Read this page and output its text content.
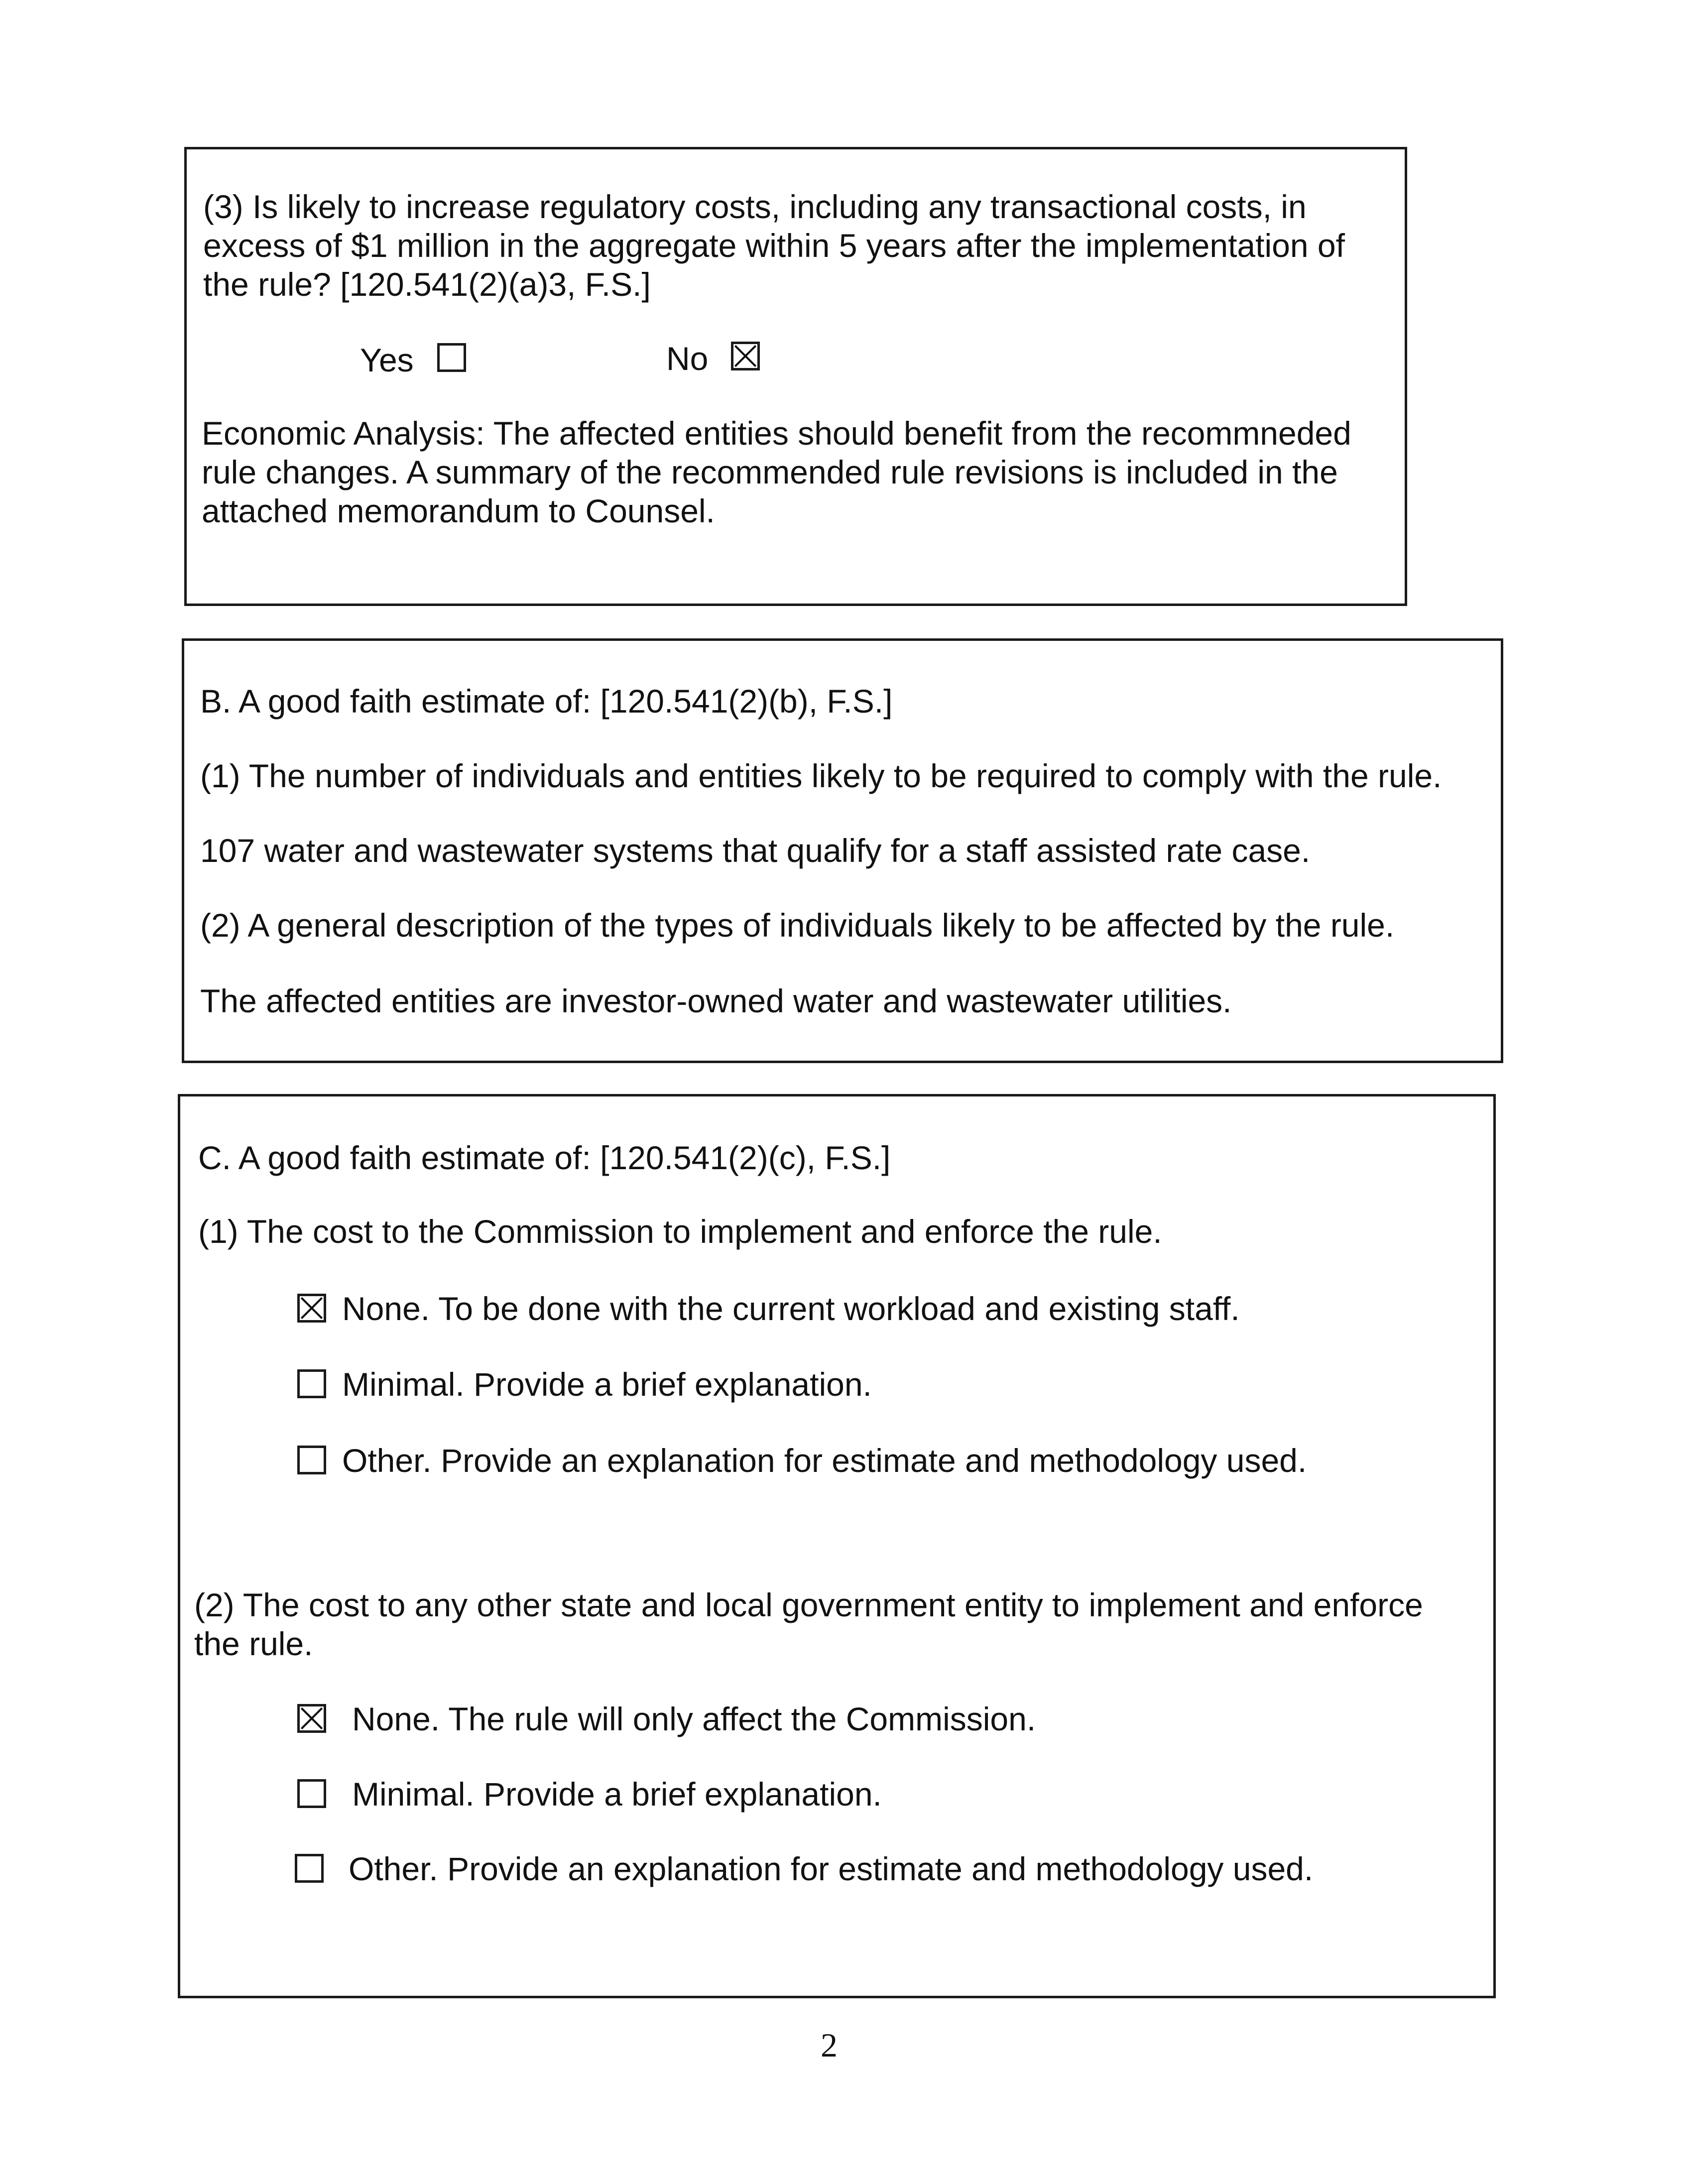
(3) Is likely to increase regulatory costs, including any transactional costs, in
excess of $1 million in the aggregate within 5 years after the implementation of
the rule? [120.541(2)(a)3, F.S.]
Yes	No
Economic Analysis: The affected entities should benefit from the recommneded
rule changes. A summary of the recommended rule revisions is included in the
attached memorandum to Counsel.
B. A good faith estimate of: [120.541(2)(b), F.S.]
(1) The number of individuals and entities likely to be required to comply with the rule.
107 water and wastewater systems that qualify for a staff assisted rate case.
(2) A general description of the types of individuals likely to be affected by the rule.
The affected entities are investor-owned water and wastewater utilities.
C. A good faith estimate of: [120.541(2)(c), F.S.]
(1) The cost to the Commission to implement and enforce the rule.
None. To be done with the current workload and existing staff.
Minimal. Provide a brief explanation.
Other. Provide an explanation for estimate and methodology used.
(2) The cost to any other state and local government entity to implement and enforce
the rule.
None. The rule will only affect the Commission.
Minimal. Provide a brief explanation.
Other. Provide an explanation for estimate and methodology used.
2
